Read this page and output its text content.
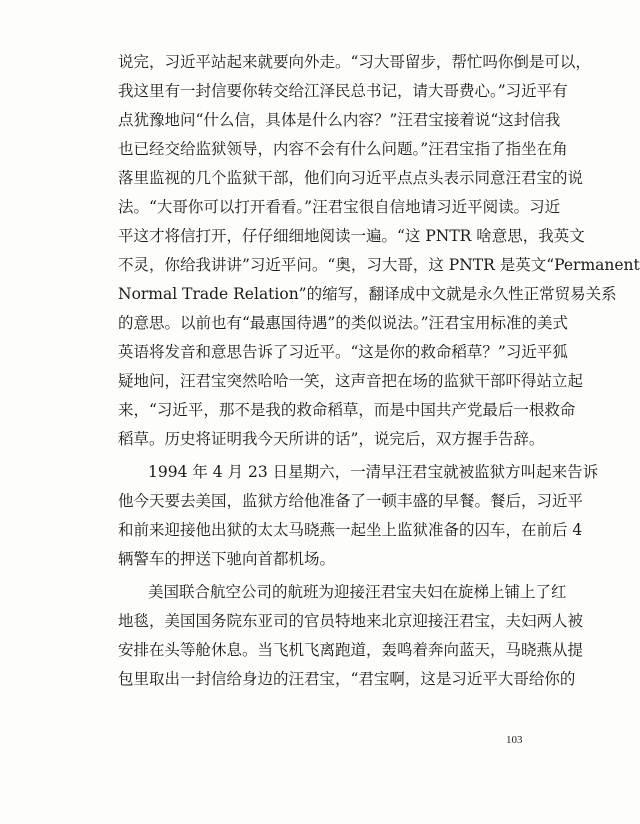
说完，习近平站起来就要向外走。“习大哥留步，帮忙吗你倒是可以，
我这里有一封信要你转交给江泽民总书记，请大哥费心。”习近平有
点犹豫地问“什么信，具体是什么内容？”汪君宝接着说“这封信我
也已经交给监狱领导，内容不会有什么问题。”汪君宝指了指坐在角
落里监视的几个监狱干部，他们向习近平点点头表示同意汪君宝的说
法。“大哥你可以打开看看。”汪君宝很自信地请习近平阅读。习近
平这才将信打开，仔仔细细地阅读一遍。“这 PNTR 啥意思，我英文
不灵，你给我讲讲”习近平问。“奥，习大哥，这 PNTR 是英文“Permanent
Normal Trade Relation”的缩写，翻译成中文就是永久性正常贸易关系
的意思。以前也有“最惠国待遇”的类似说法。”汪君宝用标准的美式
英语将发音和意思告诉了习近平。“这是你的救命稻草？”习近平狐
疑地问，汪君宝突然哈哈一笑，这声音把在场的监狱干部吓得站立起
来，“习近平，那不是我的救命稻草，而是中国共产党最后一根救命
稻草。历史将证明我今天所讲的话”，说完后，双方握手告辞。
1994 年 4 月 23 日星期六，一清早汪君宝就被监狱方叫起来告诉
他今天要去美国，监狱方给他准备了一顿丰盛的早餐。餐后，习近平
和前来迎接他出狱的太太马晓燕一起坐上监狱准备的囚车，在前后 4
辆警车的押送下驰向首都机场。
美国联合航空公司的航班为迎接汪君宝夫妇在旋梯上铺上了红
地毯，美国国务院东亚司的官员特地来北京迎接汪君宝，夫妇两人被
安排在头等舱休息。当飞机飞离跑道，轰鸣着奔向蓝天，马晓燕从提
包里取出一封信给身边的汪君宝，“君宝啊，这是习近平大哥给你的
103
